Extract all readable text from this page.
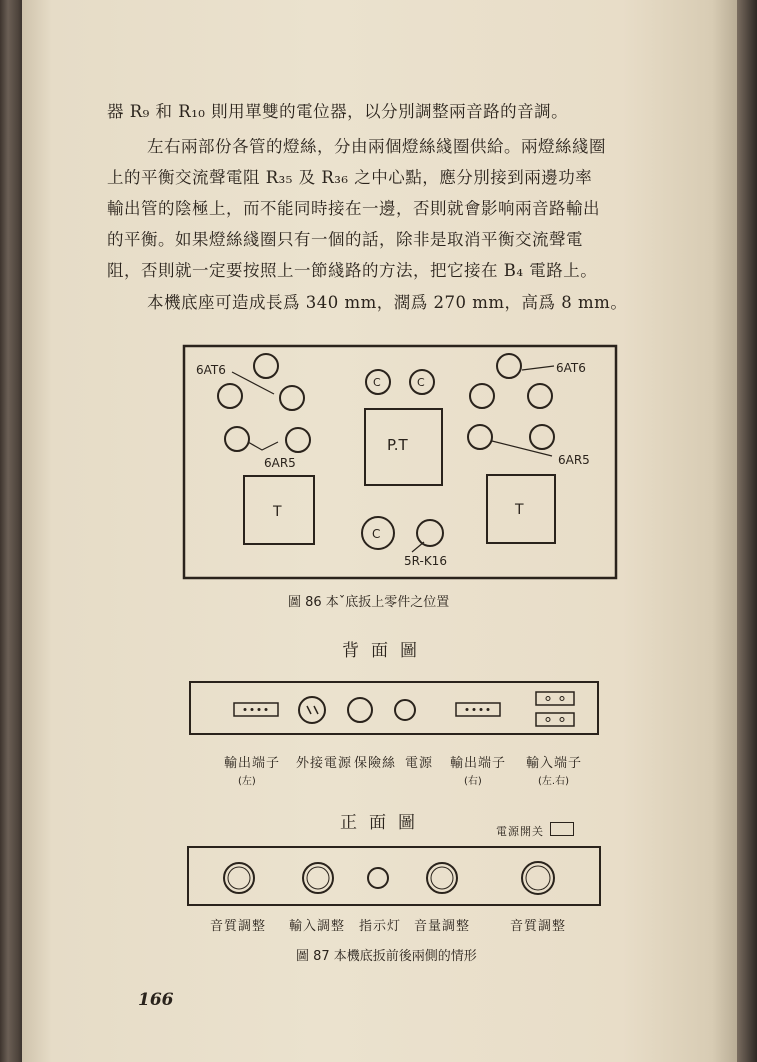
器 R₉ 和 R₁₀ 則用單雙的電位器，以分別調整兩音路的音調。
左右兩部份各管的燈絲，分由兩個燈絲綫圈供給。兩燈絲綫圈
上的平衡交流聲電阻 R₃₅ 及 R₃₆ 之中心點，應分別接到兩邊功率
輸出管的陰極上，而不能同時接在一邊，否則就會影响兩音路輸出
的平衡。如果燈絲綫圈只有一個的話，除非是取消平衡交流聲電
阻，否則就一定要按照上一節綫路的方法，把它接在 B₄ 電路上。
本機底座可造成長爲 340 mm，濶爲 270 mm，高爲 8 mm。
6AT6
6AR5
C	C
P.T
6AT6
6AR5
T	T
C
5R-K16
圖 86 本ˇ底扳上零件之位置
背面圖
輸出端子
(左)
外接電源 保險絲 電源 輸出端子
(右)
輸入端子
(左.右)
正面圖	電源開关
音質調整 輸入調整 指示灯 音量調整	音質調整
圖 87 本機底扳前後兩側的情形
166
